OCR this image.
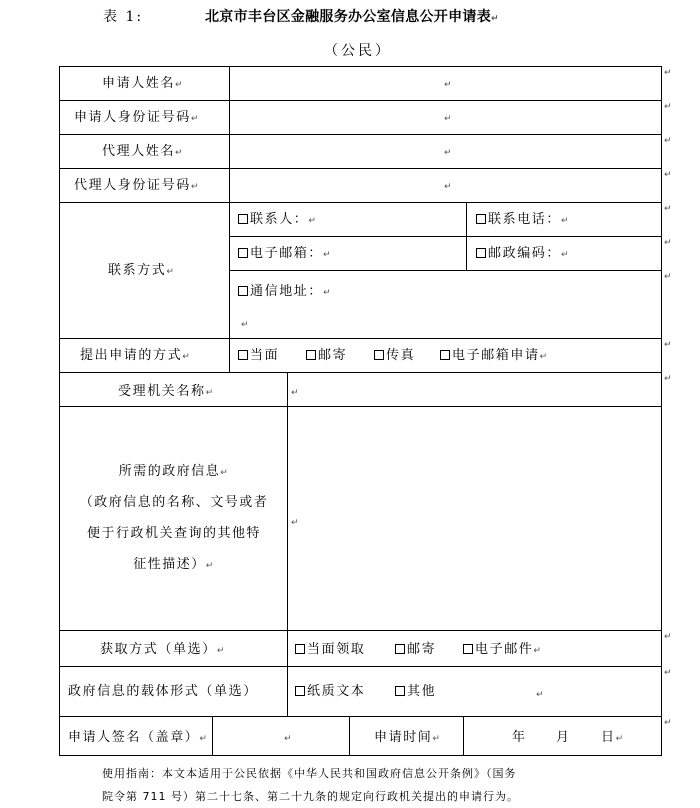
表 1:	北京市丰台区金融服务办公室信息公开申请表↵
（公民）
↵
↵
↵
↵
↵
↵
↵
↵
↵
↵
↵
↵
申请人姓名↵	↵
申请人身份证号码↵	↵
代理人姓名↵	↵
代理人身份证号码↵	↵
联系方式↵
联系人：↵	联系电话：↵
电子邮箱：↵	邮政编码：↵
通信地址：↵
↵
提出申请的方式↵	当面	邮寄	传真	电子邮箱申请↵
受理机关名称↵	↵
所需的政府信息↵
（政府信息的名称、文号或者
便于行政机关查询的其他特
征性描述）↵
↵
获取方式（单选）↵	当面领取	邮寄	电子邮件↵
政府信息的载体形式（单选）	纸质文本	其他	↵
申请人签名（盖章）↵	↵	申请时间↵	年 月 日↵
使用指南：本文本适用于公民依据《中华人民共和国政府信息公开条例》（国务
院令第 711 号）第二十七条、第二十九条的规定向行政机关提出的申请行为。
